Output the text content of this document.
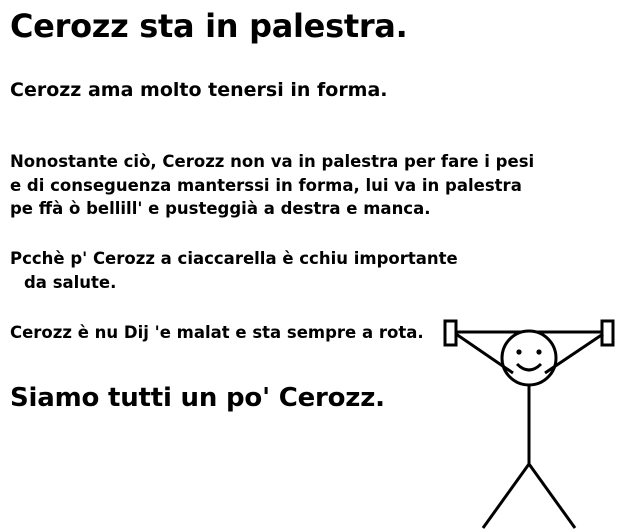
Cerozz sta in palestra.
Cerozz ama molto tenersi in forma.

Nonostante ciò, Cerozz non va in palestra per fare i pesi
e di conseguenza manterssi in forma, lui va in palestra
pe ffà ò bellill' e pusteggià a destra e manca.

Pcchè p' Cerozz a ciaccarella è cchiu importante

da salute.

Cerozz è nu Dij 'e malat e sta sempre a rota.

Siamo tutti un po' Cerozz.
